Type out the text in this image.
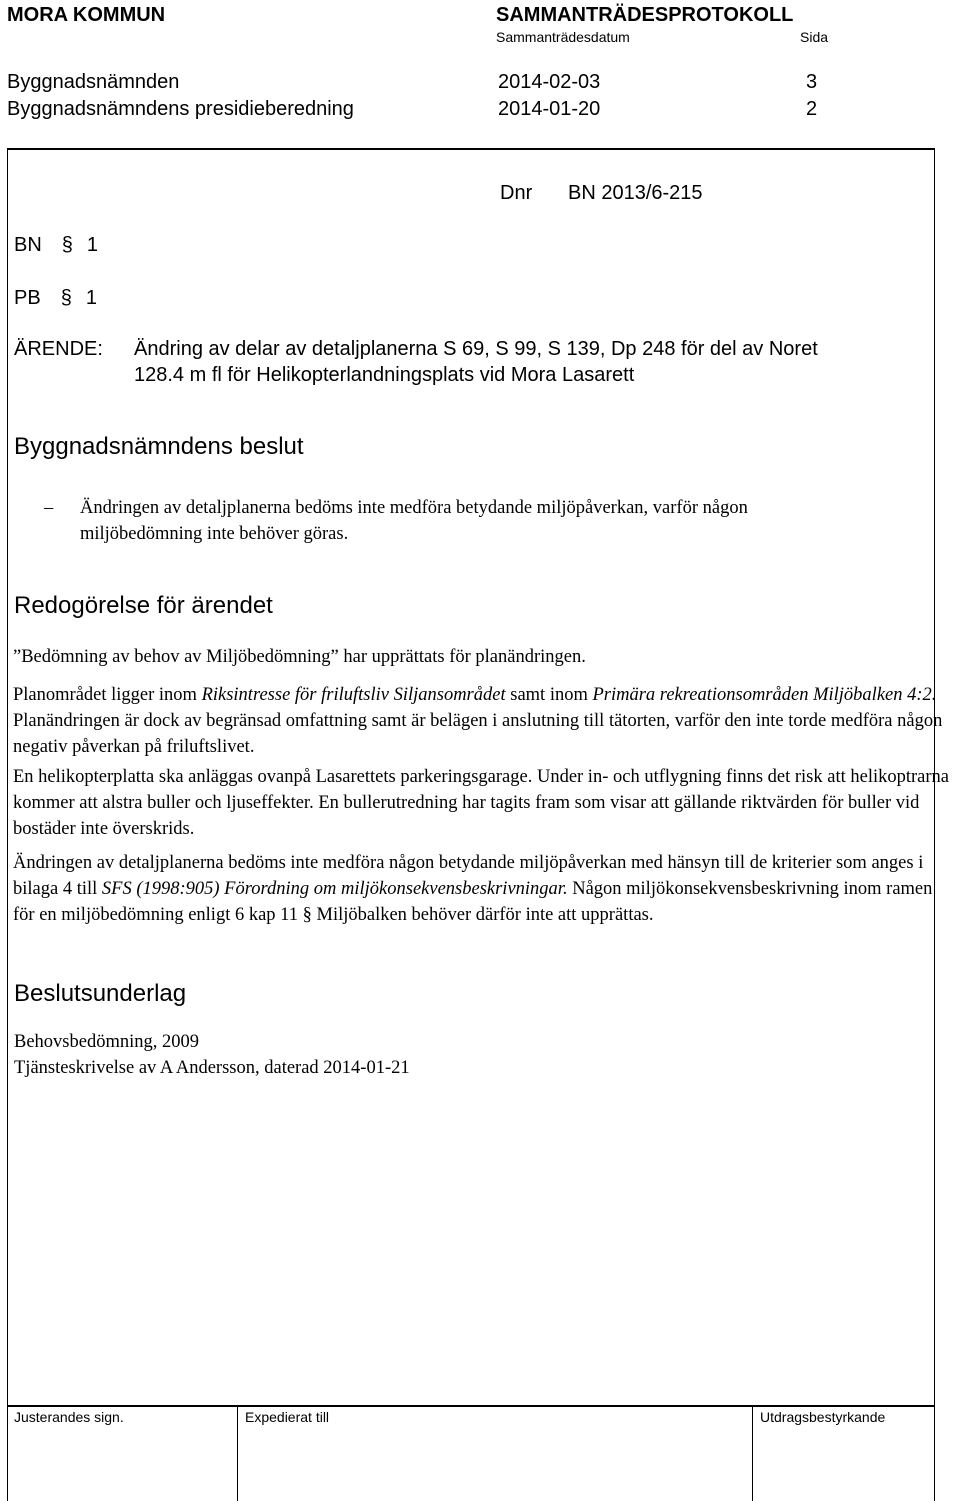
MORA KOMMUN	SAMMANTRÄDESPROTOKOLL
Sammanträdesdatum	Sida
Byggnadsnämnden	2014-02-03	3
Byggnadsnämndens presidieberedning	2014-01-20	2
Dnr BN 2013/6-215
BN § 1
PB § 1
ÄRENDE: Ändring av delar av detaljplanerna S 69, S 99, S 139, Dp 248 för del av Noret
128.4 m fl för Helikopterlandningsplats vid Mora Lasarett
Byggnadsnämndens beslut
– Ändringen av detaljplanerna bedöms inte medföra betydande miljöpåverkan, varför någon
miljöbedömning inte behöver göras.
Redogörelse för ärendet
”Bedömning av behov av Miljöbedömning” har upprättats för planändringen.
Planområdet ligger inom Riksintresse för friluftsliv Siljansområdet samt inom Primära rekreationsområden Miljöbalken 4:2. Planändringen är dock av begränsad omfattning samt är belägen i anslutning till tätorten, varför den inte torde medföra någon negativ påverkan på friluftslivet.
En helikopterplatta ska anläggas ovanpå Lasarettets parkeringsgarage. Under in- och utflygning finns det risk att helikoptrarna kommer att alstra buller och ljuseffekter. En bullerutredning har tagits fram som visar att gällande riktvärden för buller vid bostäder inte överskrids.
Ändringen av detaljplanerna bedöms inte medföra någon betydande miljöpåverkan med hänsyn till de kriterier som anges i bilaga 4 till SFS (1998:905) Förordning om miljökonsekvensbeskrivningar. Någon miljökonsekvensbeskrivning inom ramen för en miljöbedömning enligt 6 kap 11 § Miljöbalken behöver därför inte att upprättas.
Beslutsunderlag
Behovsbedömning, 2009
Tjänsteskrivelse av A Andersson, daterad 2014-01-21
Justerandes sign.	Expedierat till	Utdragsbestyrkande
